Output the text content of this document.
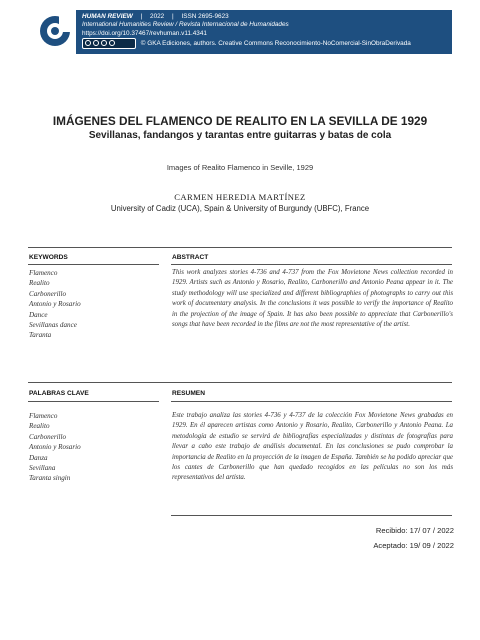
HUMAN REVIEW | 2022 | ISSN 2695-9623
International Humanities Review / Revista Internacional de Humanidades
https://doi.org/10.37467/revhuman.v11.4341
© GKA Ediciones, authors. Creative Commons Reconocimiento-NoComercial-SinObraDerivada
IMÁGENES DEL FLAMENCO DE REALITO EN LA SEVILLA DE 1929
Sevillanas, fandangos y tarantas entre guitarras y batas de cola
Images of Realito Flamenco in Seville, 1929
CARMEN HEREDIA MARTÍNEZ
University of Cadiz (UCA), Spain & University of Burgundy (UBFC), France
KEYWORDS	ABSTRACT
Flamenco
Realito
Carbonerillo
Antonio y Rosario
Dance
Sevillanas dance
Taranta

This work analyzes stories 4-736 and 4-737 from the Fox Movietone News collection recorded in 1929. Artists such as Antonio y Rosario, Realito, Carbonerillo and Antonio Peana appear in it. The study methodology will use specialized and different bibliographies of photographs to carry out this work of documentary analysis. In the conclusions it was possible to verify the importance of Realito in the projection of the image of Spain. It has also been possible to appreciate that Carbonerillo's songs that have been recorded in the films are not the most representative of the artist.

PALABRAS CLAVE	RESUMEN
Flamenco
Realito
Carbonerillo
Antonio y Rosario
Danza
Sevillana
Taranta singin

Este trabajo analiza las stories 4-736 y 4-737 de la colección Fox Movietone News grabadas en 1929. En él aparecen artistas como Antonio y Rosario, Realito, Carbonerillo y Antonio Peana. La metodología de estudio se servirá de bibliografías especializadas y distintas de fotografías para llevar a cabo este trabajo de análisis documental. En las conclusiones se pudo comprobar la importancia de Realito en la proyección de la imagen de España. También se ha podido apreciar que los cantes de Carbonerillo que han quedado recogidos en las películas no son los más representativos del artista.

Recibido: 17/ 07 / 2022
Aceptado: 19/ 09 / 2022
